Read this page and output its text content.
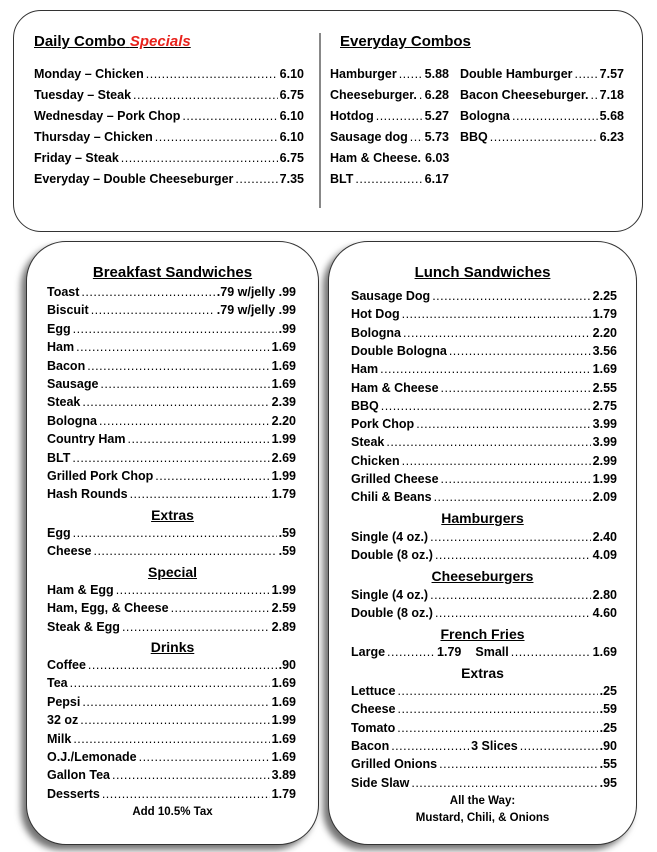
Daily Combo Specials
Monday – Chicken .....	6.10
Tuesday – Steak .....	6.75
Wednesday – Pork Chop .....	6.10
Thursday – Chicken .....	6.10
Friday – Steak .....	6.75
Everyday – Double Cheeseburger .....	7.35
Everyday Combos
Hamburger ..... 5.88
Cheeseburger. ..... 6.28
Hotdog .....	5.27
Sausage dog ..... 5.73
Ham & Cheese. 6.03
BLT .....	6.17
Double Hamburger ..... 7.57
Bacon Cheeseburger. ..... 7.18
Bologna .....	5.68
BBQ .....	6.23
Breakfast Sandwiches
Toast .....	.79 w/jelly .99
Biscuit .....	.79 w/jelly .99
Egg .....	.99
Ham .....	1.69
Bacon .....	1.69
Sausage .....	1.69
Steak .....	2.39
Bologna .....	2.20
Country Ham .....	1.99
BLT .....	2.69
Grilled Pork Chop .....	1.99
Hash Rounds .....	1.79
Extras
Egg .....	.59
Cheese .....	.59
Special
Ham & Egg .....	1.99
Ham, Egg, & Cheese .....	2.59
Steak & Egg .....	2.89
Drinks
Coffee .....	.90
Tea .....	1.69
Pepsi .....	1.69
32 oz .....	1.99
Milk .....	1.69
O.J./Lemonade .....	1.69
Gallon Tea .....	3.89
Desserts .....	1.79
Add 10.5% Tax
Lunch Sandwiches
Sausage Dog .....	2.25
Hot Dog .....	1.79
Bologna .....	2.20
Double Bologna .....	3.56
Ham .....	1.69
Ham & Cheese .....	2.55
BBQ .....	2.75
Pork Chop .....	3.99
Steak .....	3.99
Chicken .....	2.99
Grilled Cheese .....	1.99
Chili & Beans .....	2.09
Hamburgers
Single (4 oz.) .....	2.40
Double (8 oz.) .....	4.09
Cheeseburgers
Single (4 oz.) .....	2.80
Double (8 oz.) .....	4.60
French Fries
Large .....	1.79 Small .....	1.69
Extras
Lettuce .....	.25
Cheese .....	.59
Tomato .....	.25
Bacon .....	3 Slices .....	.90
Grilled Onions .....	.55
Side Slaw .....	.95
All the Way:
Mustard, Chili, & Onions
